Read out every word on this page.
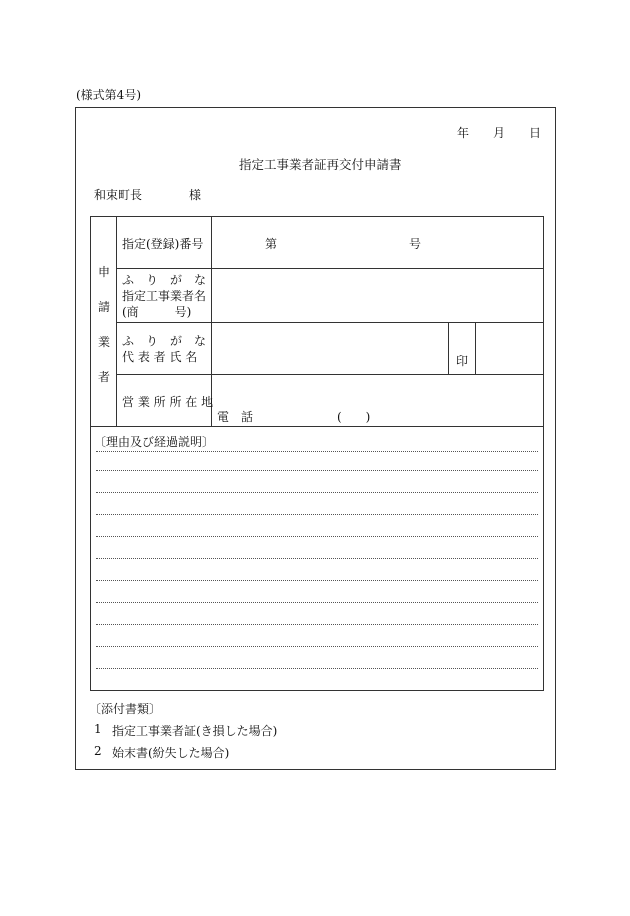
(様式第4号)
年 月 日
指定工事業者証再交付申請書
和束町長	様
申
請
業
者
指定(登録)番号	第	号
ふ　り　が　な
指定工事業者名
(商　　　号)
ふ　り　が　な
代 表 者 氏 名	印
営 業 所 所 在 地
電　話	(　　)
〔理由及び経過説明〕
〔添付書類〕
1 指定工事業者証(き損した場合)
2 始末書(紛失した場合)
